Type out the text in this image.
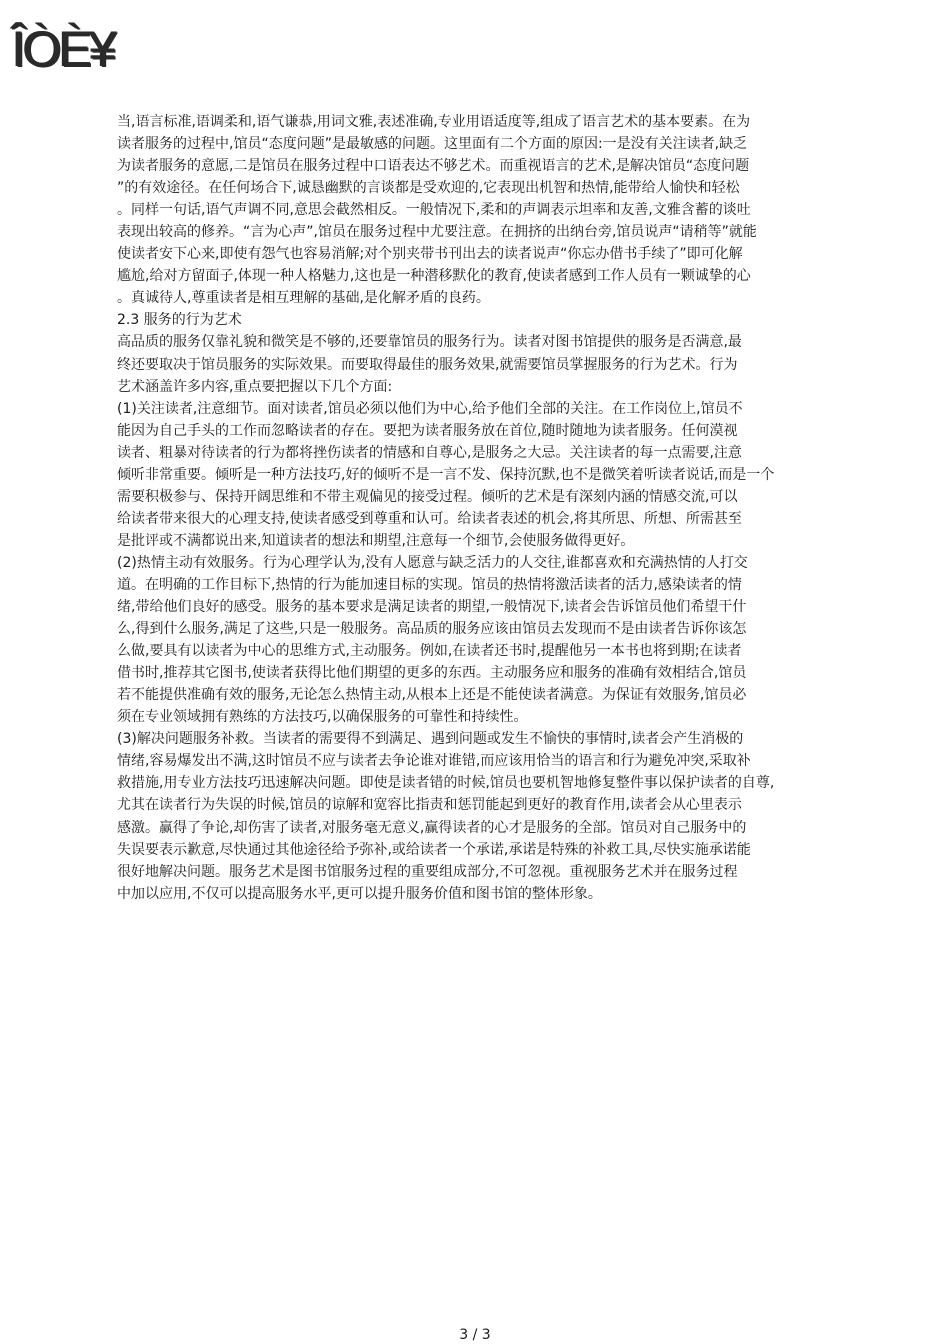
ÎÒÈ¥
当,语言标准,语调柔和,语气谦恭,用词文雅,表述准确,专业用语适度等,组成了语言艺术的基本要素。在为
读者服务的过程中,馆员“态度问题”是最敏感的问题。这里面有二个方面的原因:一是没有关注读者,缺乏
为读者服务的意愿,二是馆员在服务过程中口语表达不够艺术。而重视语言的艺术,是解决馆员“态度问题
”的有效途径。在任何场合下,诚恳幽默的言谈都是受欢迎的,它表现出机智和热情,能带给人愉快和轻松
。同样一句话,语气声调不同,意思会截然相反。一般情况下,柔和的声调表示坦率和友善,文雅含蓄的谈吐
表现出较高的修养。“言为心声”,馆员在服务过程中尤要注意。在拥挤的出纳台旁,馆员说声“请稍等”就能
使读者安下心来,即使有怨气也容易消解;对个别夹带书刊出去的读者说声“你忘办借书手续了”即可化解
尴尬,给对方留面子,体现一种人格魅力,这也是一种潜移默化的教育,使读者感到工作人员有一颗诚挚的心
。真诚待人,尊重读者是相互理解的基础,是化解矛盾的良药。
2.3 服务的行为艺术
高品质的服务仅靠礼貌和微笑是不够的,还要靠馆员的服务行为。读者对图书馆提供的服务是否满意,最
终还要取决于馆员服务的实际效果。而要取得最佳的服务效果,就需要馆员掌握服务的行为艺术。行为
艺术涵盖许多内容,重点要把握以下几个方面:
(1)关注读者,注意细节。面对读者,馆员必须以他们为中心,给予他们全部的关注。在工作岗位上,馆员不
能因为自己手头的工作而忽略读者的存在。要把为读者服务放在首位,随时随地为读者服务。任何漠视
读者、粗暴对待读者的行为都将挫伤读者的情感和自尊心,是服务之大忌。关注读者的每一点需要,注意
倾听非常重要。倾听是一种方法技巧,好的倾听不是一言不发、保持沉默,也不是微笑着听读者说话,而是一个
需要积极参与、保持开阔思维和不带主观偏见的接受过程。倾听的艺术是有深刻内涵的情感交流,可以
给读者带来很大的心理支持,使读者感受到尊重和认可。给读者表述的机会,将其所思、所想、所需甚至
是批评或不满都说出来,知道读者的想法和期望,注意每一个细节,会使服务做得更好。
(2)热情主动有效服务。行为心理学认为,没有人愿意与缺乏活力的人交往,谁都喜欢和充满热情的人打交
道。在明确的工作目标下,热情的行为能加速目标的实现。馆员的热情将激活读者的活力,感染读者的情
绪,带给他们良好的感受。服务的基本要求是满足读者的期望,一般情况下,读者会告诉馆员他们希望干什
么,得到什么服务,满足了这些,只是一般服务。高品质的服务应该由馆员去发现而不是由读者告诉你该怎
么做,要具有以读者为中心的思维方式,主动服务。例如,在读者还书时,提醒他另一本书也将到期;在读者
借书时,推荐其它图书,使读者获得比他们期望的更多的东西。主动服务应和服务的准确有效相结合,馆员
若不能提供准确有效的服务,无论怎么热情主动,从根本上还是不能使读者满意。为保证有效服务,馆员必
须在专业领域拥有熟练的方法技巧,以确保服务的可靠性和持续性。
(3)解决问题服务补救。当读者的需要得不到满足、遇到问题或发生不愉快的事情时,读者会产生消极的
情绪,容易爆发出不满,这时馆员不应与读者去争论谁对谁错,而应该用恰当的语言和行为避免冲突,采取补
救措施,用专业方法技巧迅速解决问题。即使是读者错的时候,馆员也要机智地修复整件事以保护读者的自尊,
尤其在读者行为失误的时候,馆员的谅解和宽容比指责和惩罚能起到更好的教育作用,读者会从心里表示
感激。赢得了争论,却伤害了读者,对服务毫无意义,赢得读者的心才是服务的全部。馆员对自己服务中的
失误要表示歉意,尽快通过其他途径给予弥补,或给读者一个承诺,承诺是特殊的补救工具,尽快实施承诺能
很好地解决问题。服务艺术是图书馆服务过程的重要组成部分,不可忽视。重视服务艺术并在服务过程
中加以应用,不仅可以提高服务水平,更可以提升服务价值和图书馆的整体形象。
3 / 3
